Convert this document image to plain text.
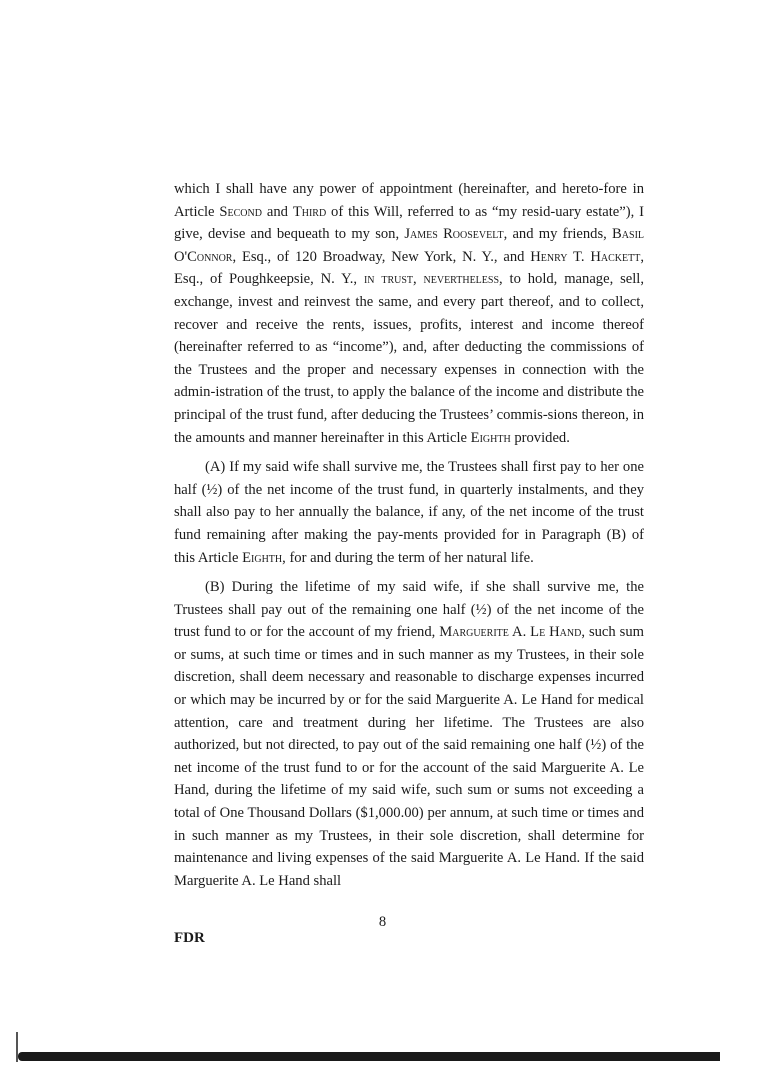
which I shall have any power of appointment (hereinafter, and hereto-fore in Article Second and Third of this Will, referred to as “my resid-uary estate”), I give, devise and bequeath to my son, James Roosevelt, and my friends, Basil O'Connor, Esq., of 120 Broadway, New York, N. Y., and Henry T. Hackett, Esq., of Poughkeepsie, N. Y., in trust, nevertheless, to hold, manage, sell, exchange, invest and reinvest the same, and every part thereof, and to collect, recover and receive the rents, issues, profits, interest and income thereof (hereinafter referred to as “income”), and, after deducting the commissions of the Trustees and the proper and necessary expenses in connection with the admin-istration of the trust, to apply the balance of the income and distribute the principal of the trust fund, after deducing the Trustees’ commis-sions thereon, in the amounts and manner hereinafter in this Article Eighth provided.

(A) If my said wife shall survive me, the Trustees shall first pay to her one half (½) of the net income of the trust fund, in quarterly instalments, and they shall also pay to her annually the balance, if any, of the net income of the trust fund remaining after making the pay-ments provided for in Paragraph (B) of this Article Eighth, for and during the term of her natural life.

(B) During the lifetime of my said wife, if she shall survive me, the Trustees shall pay out of the remaining one half (½) of the net income of the trust fund to or for the account of my friend, Marguerite A. Le Hand, such sum or sums, at such time or times and in such manner as my Trustees, in their sole discretion, shall deem necessary and reasonable to discharge expenses incurred or which may be incurred by or for the said Marguerite A. Le Hand for medical attention, care and treatment during her lifetime. The Trustees are also authorized, but not directed, to pay out of the said remaining one half (½) of the net income of the trust fund to or for the account of the said Marguerite A. Le Hand, during the lifetime of my said wife, such sum or sums not exceeding a total of One Thousand Dollars ($1,000.00) per annum, at such time or times and in such manner as my Trustees, in their sole discretion, shall determine for maintenance and living expenses of the said Marguerite A. Le Hand. If the said Marguerite A. Le Hand shall

8
FDR
